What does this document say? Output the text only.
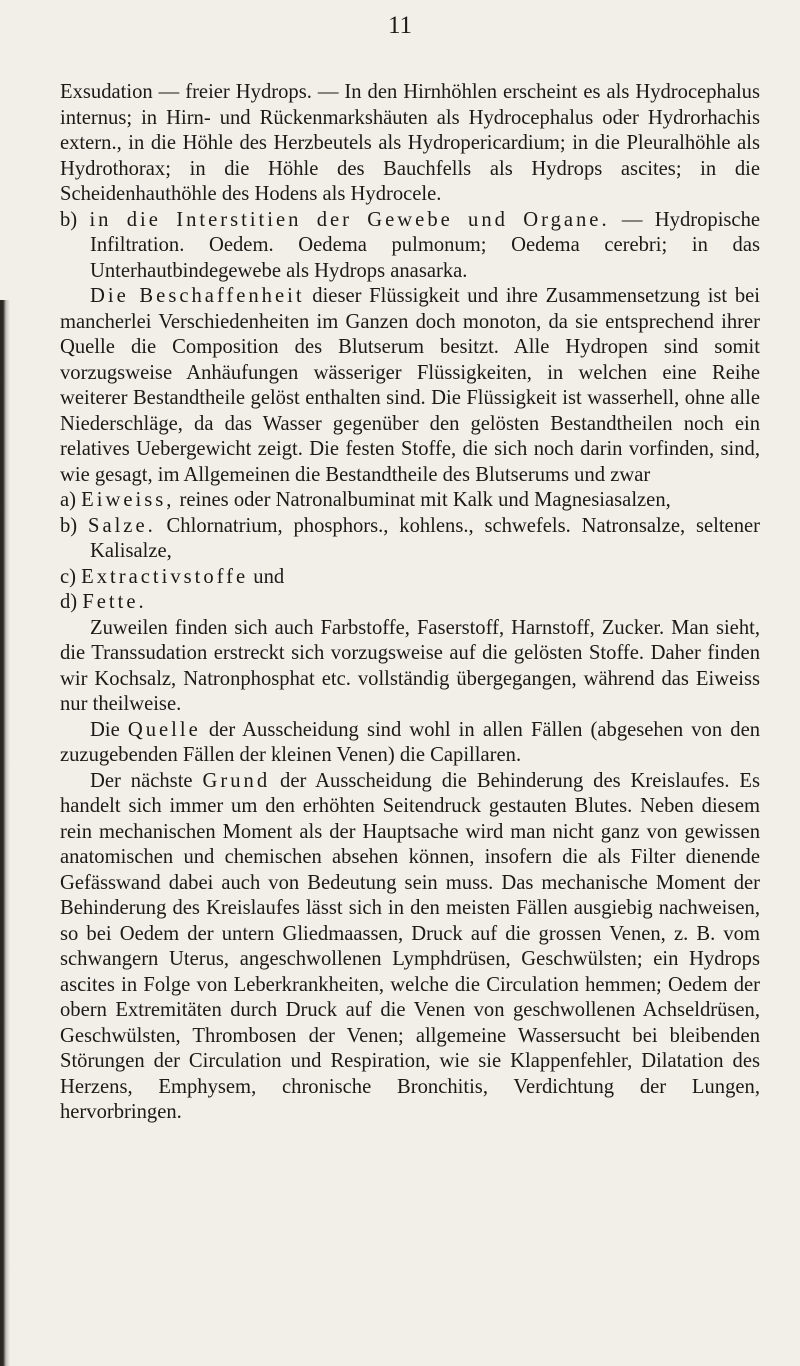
11

Exsudation — freier Hydrops. — In den Hirnhöhlen erscheint es als Hydrocephalus internus; in Hirn- und Rückenmarkshäuten als Hydrocephalus oder Hydrorhachis extern., in die Höhle des Herzbeutels als Hydropericardium; in die Pleuralhöhle als Hydrothorax; in die Höhle des Bauchfells als Hydrops ascites; in die Scheidenhauthöhle des Hodens als Hydrocele.

b) in die Interstitien der Gewebe und Organe. — Hydropische Infiltration. Oedem. Oedema pulmonum; Oedema cerebri; in das Unterhautbindegewebe als Hydrops anasarka.

Die Beschaffenheit dieser Flüssigkeit und ihre Zusammensetzung ist bei mancherlei Verschiedenheiten im Ganzen doch monoton, da sie entsprechend ihrer Quelle die Composition des Blutserum besitzt. Alle Hydropen sind somit vorzugsweise Anhäufungen wässeriger Flüssigkeiten, in welchen eine Reihe weiterer Bestandtheile gelöst enthalten sind. Die Flüssigkeit ist wasserhell, ohne alle Niederschläge, da das Wasser gegenüber den gelösten Bestandtheilen noch ein relatives Uebergewicht zeigt. Die festen Stoffe, die sich noch darin vorfinden, sind, wie gesagt, im Allgemeinen die Bestandtheile des Blutserums und zwar

a) Eiweiss, reines oder Natronalbuminat mit Kalk und Magnesiasalzen,

b) Salze. Chlornatrium, phosphors., kohlens., schwefels. Natronsalze, seltener Kalisalze,

c) Extractivstoffe und

d) Fette.

Zuweilen finden sich auch Farbstoffe, Faserstoff, Harnstoff, Zucker. Man sieht, die Transsudation erstreckt sich vorzugsweise auf die gelösten Stoffe. Daher finden wir Kochsalz, Natronphosphat etc. vollständig übergegangen, während das Eiweiss nur theilweise.

Die Quelle der Ausscheidung sind wohl in allen Fällen (abgesehen von den zuzugebenden Fällen der kleinen Venen) die Capillaren.

Der nächste Grund der Ausscheidung die Behinderung des Kreislaufes. Es handelt sich immer um den erhöhten Seitendruck gestauten Blutes. Neben diesem rein mechanischen Moment als der Hauptsache wird man nicht ganz von gewissen anatomischen und chemischen absehen können, insofern die als Filter dienende Gefässwand dabei auch von Bedeutung sein muss. Das mechanische Moment der Behinderung des Kreislaufes lässt sich in den meisten Fällen ausgiebig nachweisen, so bei Oedem der untern Gliedmaassen, Druck auf die grossen Venen, z. B. vom schwangern Uterus, angeschwollenen Lymphdrüsen, Geschwülsten; ein Hydrops ascites in Folge von Leberkrankheiten, welche die Circulation hemmen; Oedem der obern Extremitäten durch Druck auf die Venen von geschwollenen Achseldrüsen, Geschwülsten, Thrombosen der Venen; allgemeine Wassersucht bei bleibenden Störungen der Circulation und Respiration, wie sie Klappenfehler, Dilatation des Herzens, Emphysem, chronische Bronchitis, Verdichtung der Lungen, hervorbringen.
